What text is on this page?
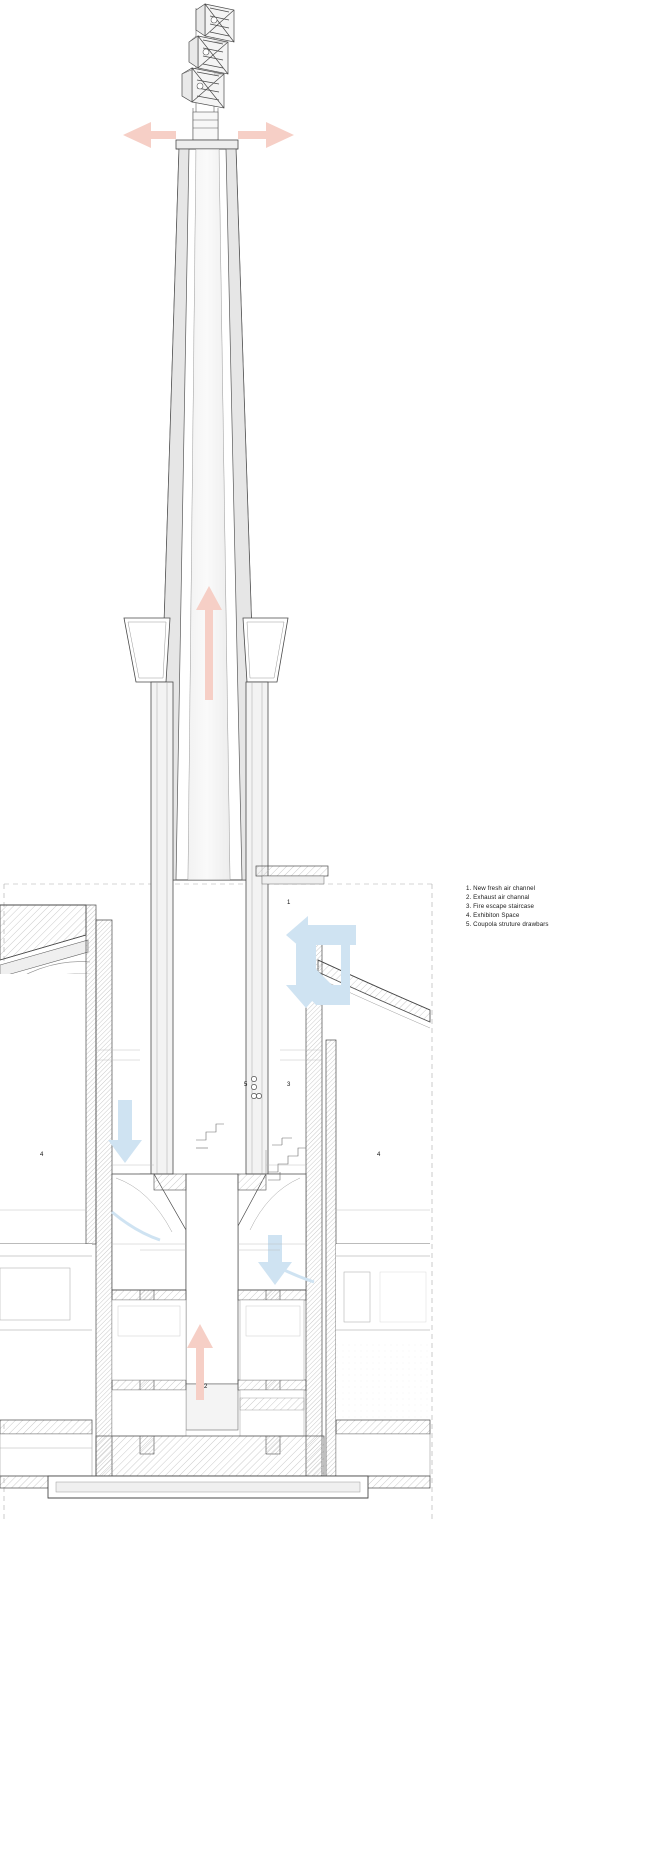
1
2
3
4	4
5
1. New fresh air channel
2. Exhaust air channal
3. Fire escape staircase
4. Exhibiton Space
5. Coupola struture drawbars
